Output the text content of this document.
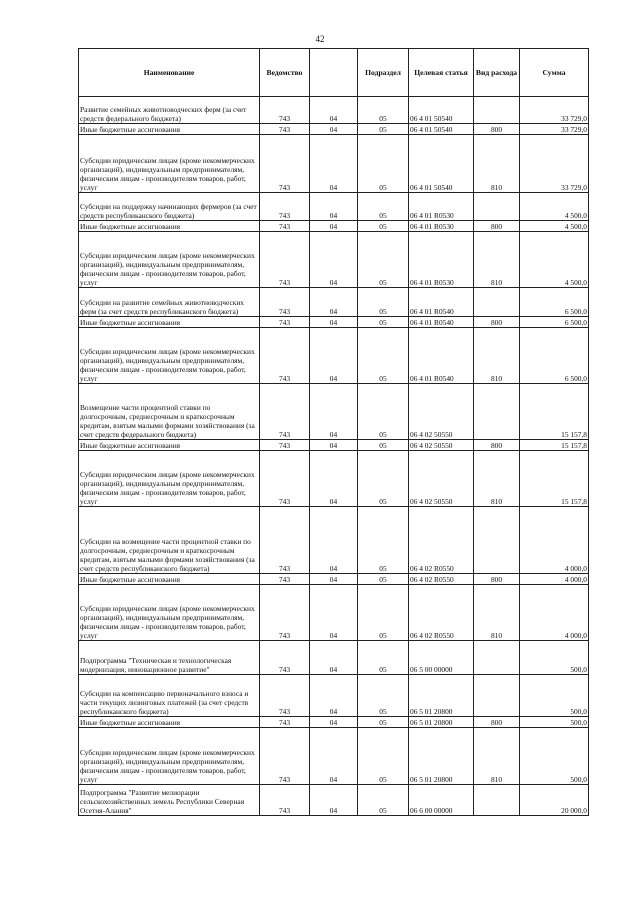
42
Наименование	Ведомство		Подраздел	Целевая статья	Вид расхода	Сумма
Развитие семейных животноводческих ферм (за счет средств федерального бюджета)	743	04	05	06 4 01 50540		33 729,0
Иные бюджетные ассигнования	743	04	05	06 4 01 50540	800	33 729,0
Субсидии юридическим лицам (кроме некоммерческих организаций), индивидуальным предпринимателям, физическим лицам - производителям товаров, работ, услуг	743	04	05	06 4 01 50540	810	33 729,0
Субсидии на поддержку начинающих фермеров (за счет средств республиканского бюджета)	743	04	05	06 4 01 R0530		4 500,0
Иные бюджетные ассигнования	743	04	05	06 4 01 R0530	800	4 500,0
Субсидии юридическим лицам (кроме некоммерческих организаций), индивидуальным предпринимателям, физическим лицам - производителям товаров, работ, услуг	743	04	05	06 4 01 R0530	810	4 500,0
Субсидии на развитие семейных животноводческих ферм (за счет средств республиканского бюджета)	743	04	05	06 4 01 R0540		6 500,0
Иные бюджетные ассигнования	743	04	05	06 4 01 R0540	800	6 500,0
Субсидии юридическим лицам (кроме некоммерческих организаций), индивидуальным предпринимателям, физическим лицам - производителям товаров, работ, услуг	743	04	05	06 4 01 R0540	810	6 500,0
Возмещение части процентной ставки по долгосрочным, среднесрочным и краткосрочным кредитам, взятым малыми формами хозяйствования (за счет средств федерального бюджета)	743	04	05	06 4 02 50550		15 157,8
Иные бюджетные ассигнования	743	04	05	06 4 02 50550	800	15 157,8
Субсидии юридическим лицам (кроме некоммерческих организаций), индивидуальным предпринимателям, физическим лицам - производителям товаров, работ, услуг	743	04	05	06 4 02 50550	810	15 157,8
Субсидии на возмещение части процентной ставки по долгосрочным, среднесрочным и краткосрочным кредитам, взятым малыми формами хозяйствования (за счет средств республиканского бюджета)	743	04	05	06 4 02 R0550		4 000,0
Иные бюджетные ассигнования	743	04	05	06 4 02 R0550	800	4 000,0
Субсидии юридическим лицам (кроме некоммерческих организаций), индивидуальным предпринимателям, физическим лицам - производителям товаров, работ, услуг	743	04	05	06 4 02 R0550	810	4 000,0
Подпрограмма "Техническая и технологическая модернизация, инновационное развитие"	743	04	05	06 5 00 00000		500,0
Субсидии на компенсацию первоначального взноса и части текущих лизинговых платежей (за счет средств республиканского бюджета)	743	04	05	06 5 01 20800		500,0
Иные бюджетные ассигнования	743	04	05	06 5 01 20800	800	500,0
Субсидии юридическим лицам (кроме некоммерческих организаций), индивидуальным предпринимателям, физическим лицам - производителям товаров, работ, услуг	743	04	05	06 5 01 20800	810	500,0
Подпрограмма "Развитие мелиорации сельскохозяйственных земель Республики Северная Осетия-Алания"	743	04	05	06 6 00 00000		20 000,0
